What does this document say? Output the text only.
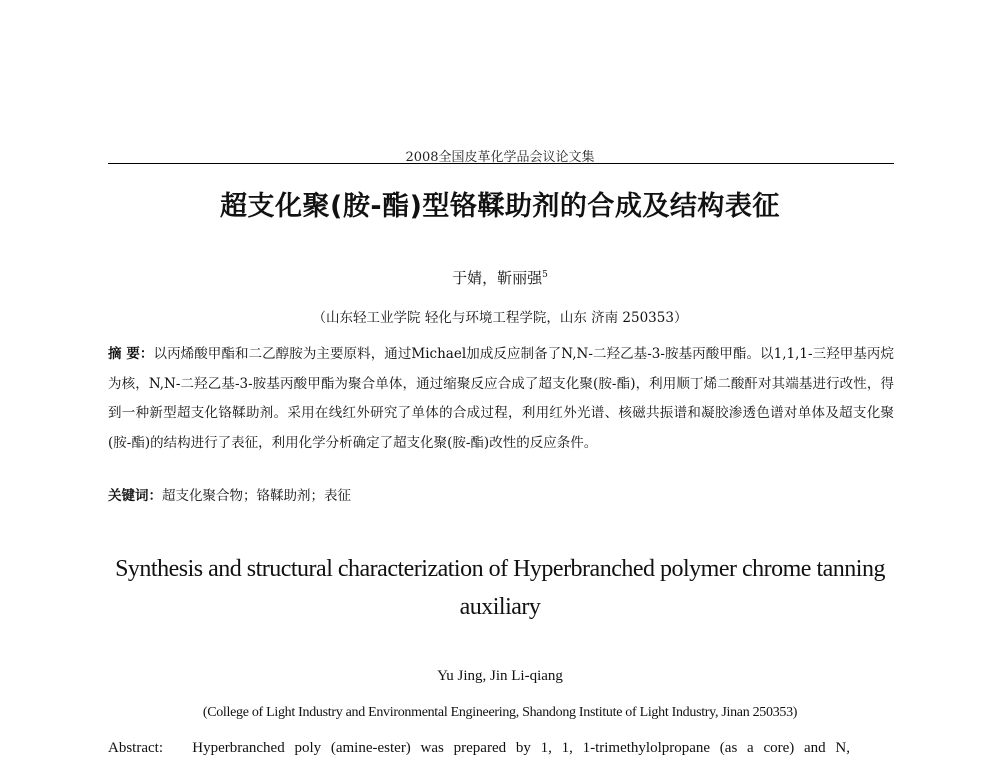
2008全国皮革化学品会议论文集
超支化聚(胺-酯)型铬鞣助剂的合成及结构表征
于婧，靳丽强$^5$
（山东轻工业学院 轻化与环境工程学院，山东 济南 250353）
摘 要：以丙烯酸甲酯和二乙醇胺为主要原料，通过Michael加成反应制备了N,N-二羟乙基-3-胺基丙酸甲酯。以1,1,1-三羟甲基丙烷为核，N,N-二羟乙基-3-胺基丙酸甲酯为聚合单体，通过缩聚反应合成了超支化聚(胺-酯)，利用顺丁烯二酸酐对其端基进行改性，得到一种新型超支化铬鞣助剂。采用在线红外研究了单体的合成过程，利用红外光谱、核磁共振谱和凝胶渗透色谱对单体及超支化聚(胺-酯)的结构进行了表征，利用化学分析确定了超支化聚(胺-酯)改性的反应条件。
关键词：超支化聚合物；铬鞣助剂；表征
Synthesis and structural characterization of Hyperbranched polymer chrome tanning auxiliary
Yu Jing, Jin Li-qiang
(College of Light Industry and Environmental Engineering, Shandong Institute of Light Industry, Jinan 250353)
Abstract: Hyperbranched poly (amine-ester) was prepared by 1, 1, 1-trimethylolpropane (as a core) and N,
